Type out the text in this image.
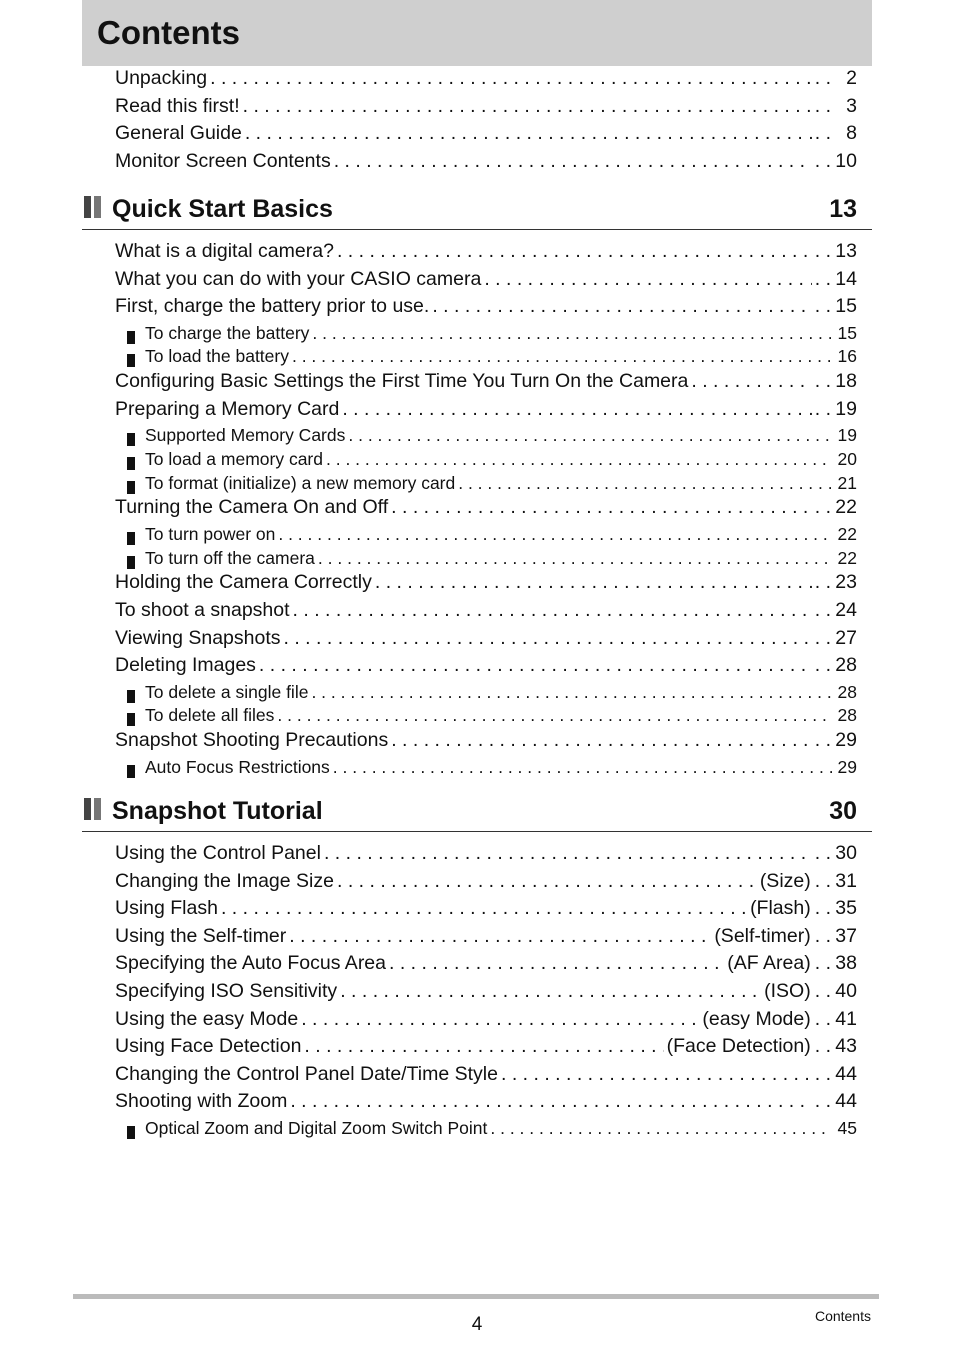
Contents
Unpacking . . .	. . 2
Read this first! . . .	. . 3
General Guide . . .	. . 8
Monitor Screen Contents . . .	. . 10
Quick Start Basics	13
What is a digital camera? . . .	. . 13
What you can do with your CASIO camera . . .	. . 14
First, charge the battery prior to use. . . .	. . 15
To charge the battery . . .	15
To load the battery . . .	16
Configuring Basic Settings the First Time You Turn On the Camera . . .	. . 18
Preparing a Memory Card . . .	. . 19
Supported Memory Cards . . .	19
To load a memory card . . .	20
To format (initialize) a new memory card . . .	21
Turning the Camera On and Off . . .	. . 22
To turn power on . . .	22
To turn off the camera . . .	22
Holding the Camera Correctly . . .	. . 23
To shoot a snapshot . . .	. . 24
Viewing Snapshots . . .	. . 27
Deleting Images . . .	. . 28
To delete a single file . . .	28
To delete all files . . .	28
Snapshot Shooting Precautions . . .	. . 29
Auto Focus Restrictions . . .	29
Snapshot Tutorial	30
Using the Control Panel . . .	. . 30
Changing the Image Size . . .	(Size) . . 31
Using Flash . . .	(Flash) . . 35
Using the Self-timer . . .	(Self-timer) . . 37
Specifying the Auto Focus Area . . .	(AF Area) . . 38
Specifying ISO Sensitivity . . .	(ISO) . . 40
Using the easy Mode . . .	(easy Mode) . . 41
Using Face Detection . . .	(Face Detection) . . 43
Changing the Control Panel Date/Time Style . . .	. . 44
Shooting with Zoom . . .	. . 44
Optical Zoom and Digital Zoom Switch Point . . .	45
4	Contents
